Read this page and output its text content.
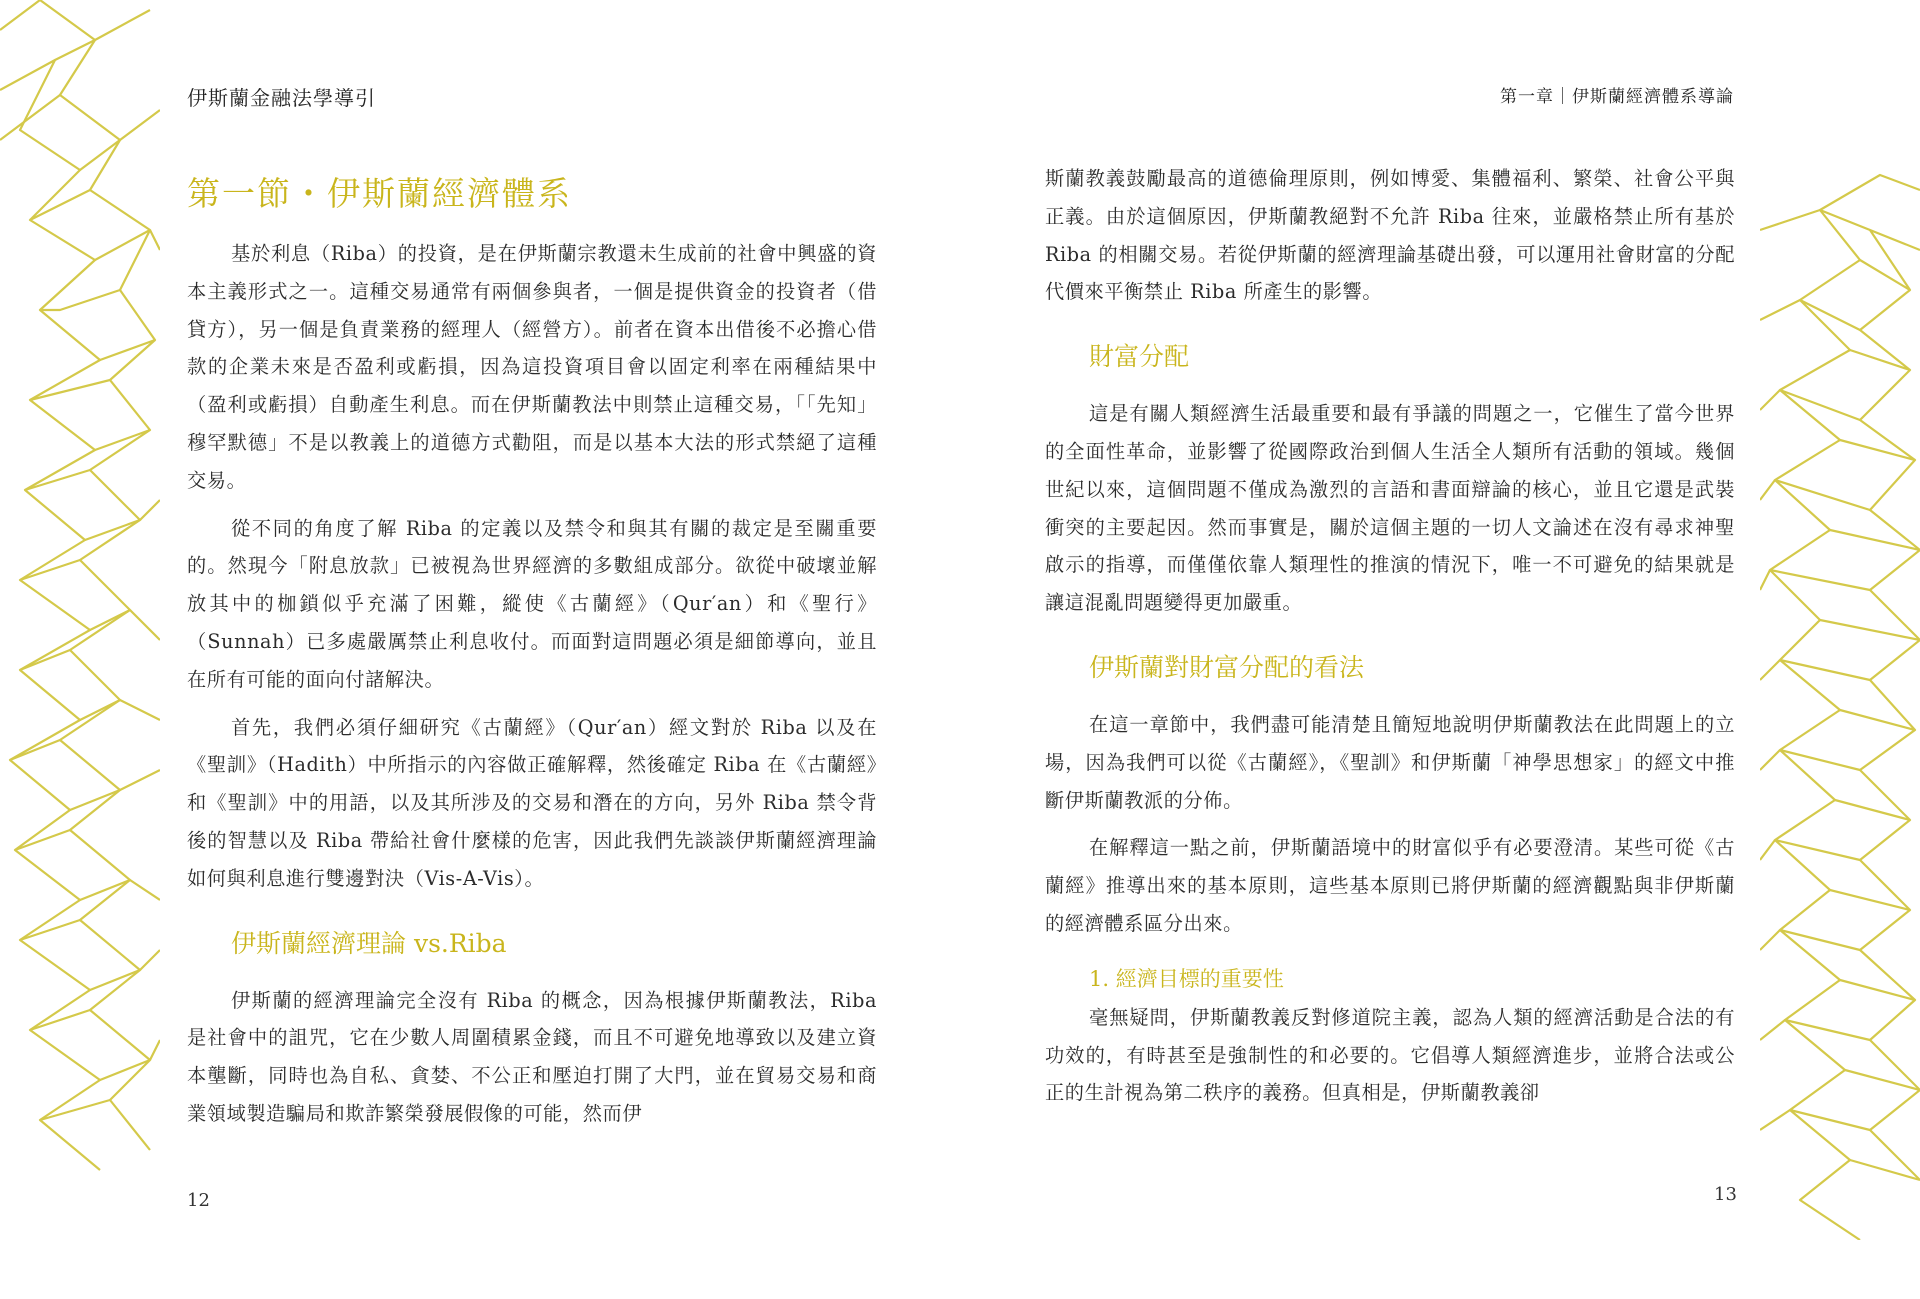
伊斯蘭金融法學導引	第一章｜伊斯蘭經濟體系導論
第一節・伊斯蘭經濟體系

基於利息（Riba）的投資，是在伊斯蘭宗教還未生成前的社會中興盛的資本主義形式之一。這種交易通常有兩個參與者，一個是提供資金的投資者（借貸方），另一個是負責業務的經理人（經營方）。前者在資本出借後不必擔心借款的企業未來是否盈利或虧損，因為這投資項目會以固定利率在兩種結果中（盈利或虧損）自動產生利息。而在伊斯蘭教法中則禁止這種交易，「「先知」穆罕默德」不是以教義上的道德方式勸阻，而是以基本大法的形式禁絕了這種交易。

從不同的角度了解 Riba 的定義以及禁令和與其有關的裁定是至關重要的。然現今「附息放款」已被視為世界經濟的多數組成部分。欲從中破壞並解放其中的枷鎖似乎充滿了困難，縱使《古蘭經》（Qur′an）和《聖行》（Sunnah）已多處嚴厲禁止利息收付。而面對這問題必須是細節導向，並且在所有可能的面向付諸解決。

首先，我們必須仔細研究《古蘭經》（Qur′an）經文對於 Riba 以及在《聖訓》（Hadith）中所指示的內容做正確解釋，然後確定 Riba 在《古蘭經》和《聖訓》中的用語，以及其所涉及的交易和潛在的方向，另外 Riba 禁令背後的智慧以及 Riba 帶給社會什麼樣的危害，因此我們先談談伊斯蘭經濟理論如何與利息進行雙邊對決（Vis-A-Vis）。

伊斯蘭經濟理論 vs.Riba

伊斯蘭的經濟理論完全沒有 Riba 的概念，因為根據伊斯蘭教法，Riba 是社會中的詛咒，它在少數人周圍積累金錢，而且不可避免地導致以及建立資本壟斷，同時也為自私、貪婪、不公正和壓迫打開了大門，並在貿易交易和商業領域製造騙局和欺詐繁榮發展假像的可能，然而伊

斯蘭教義鼓勵最高的道德倫理原則，例如博愛、集體福利、繁榮、社會公平與正義。由於這個原因，伊斯蘭教絕對不允許 Riba 往來，並嚴格禁止所有基於 Riba 的相關交易。若從伊斯蘭的經濟理論基礎出發，可以運用社會財富的分配代價來平衡禁止 Riba 所產生的影響。

財富分配

這是有關人類經濟生活最重要和最有爭議的問題之一，它催生了當今世界的全面性革命，並影響了從國際政治到個人生活全人類所有活動的領域。幾個世紀以來，這個問題不僅成為激烈的言語和書面辯論的核心，並且它還是武裝衝突的主要起因。然而事實是，關於這個主題的一切人文論述在沒有尋求神聖啟示的指導，而僅僅依靠人類理性的推演的情況下，唯一不可避免的結果就是讓這混亂問題變得更加嚴重。

伊斯蘭對財富分配的看法

在這一章節中，我們盡可能清楚且簡短地說明伊斯蘭教法在此問題上的立場，因為我們可以從《古蘭經》，《聖訓》和伊斯蘭「神學思想家」的經文中推斷伊斯蘭教派的分佈。

在解釋這一點之前，伊斯蘭語境中的財富似乎有必要澄清。某些可從《古蘭經》推導出來的基本原則，這些基本原則已將伊斯蘭的經濟觀點與非伊斯蘭的經濟體系區分出來。

1. 經濟目標的重要性

毫無疑問，伊斯蘭教義反對修道院主義，認為人類的經濟活動是合法的有功效的，有時甚至是強制性的和必要的。它倡導人類經濟進步，並將合法或公正的生計視為第二秩序的義務。但真相是，伊斯蘭教義卻

12	13
